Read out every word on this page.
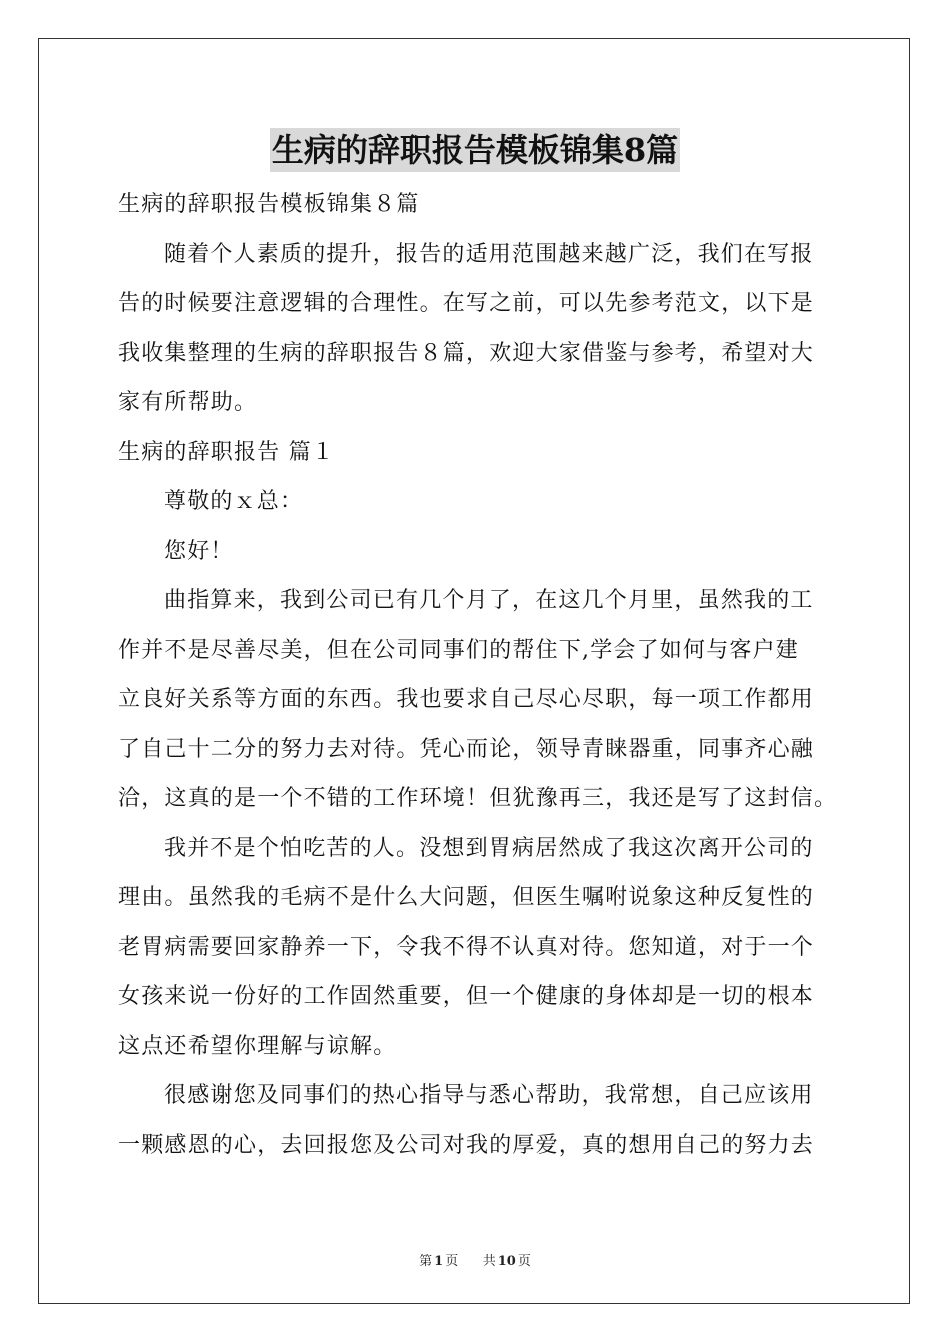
生病的辞职报告模板锦集8篇
生病的辞职报告模板锦集８篇
随着个人素质的提升，报告的适用范围越来越广泛，我们在写报
告的时候要注意逻辑的合理性。在写之前，可以先参考范文，以下是
我收集整理的生病的辞职报告８篇，欢迎大家借鉴与参考，希望对大
家有所帮助。
生病的辞职报告 篇１
尊敬的ｘ总：
您好！
曲指算来，我到公司已有几个月了，在这几个月里，虽然我的工
作并不是尽善尽美，但在公司同事们的帮住下,学会了如何与客户建
立良好关系等方面的东西。我也要求自己尽心尽职，每一项工作都用
了自己十二分的努力去对待。凭心而论，领导青睐器重，同事齐心融
洽，这真的是一个不错的工作环境！但犹豫再三，我还是写了这封信。
我并不是个怕吃苦的人。没想到胃病居然成了我这次离开公司的
理由。虽然我的毛病不是什么大问题，但医生嘱咐说象这种反复性的
老胃病需要回家静养一下，令我不得不认真对待。您知道，对于一个
女孩来说一份好的工作固然重要，但一个健康的身体却是一切的根本
这点还希望你理解与谅解。
很感谢您及同事们的热心指导与悉心帮助，我常想，自己应该用
一颗感恩的心，去回报您及公司对我的厚爱，真的想用自己的努力去
第 1 页 共 10 页
